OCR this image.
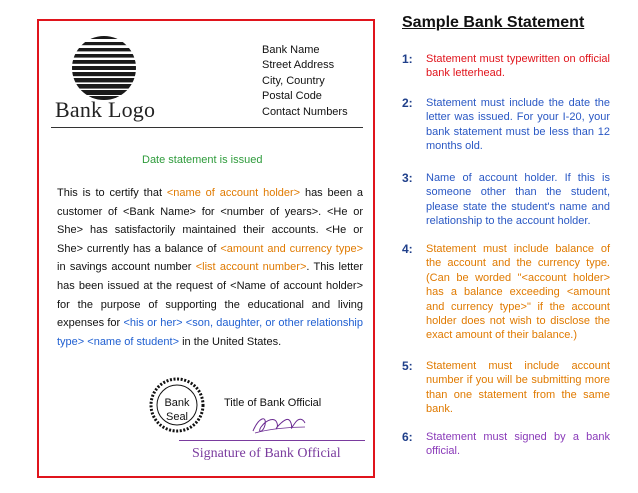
Bank Logo
Bank Name
Street Address
City, Country
Postal Code
Contact Numbers
Date statement is issued
This is to certify that <name of account holder> has been a customer of <Bank Name> for <number of years>. <He or She> has satisfactorily maintained their accounts. <He or She> currently has a balance of <amount and currency type> in savings account number <list account number>. This letter has been issued at the request of <Name of account holder> for the purpose of supporting the educational and living expenses for <his or her> <son, daughter, or other relationship type> <name of student> in the United States.
Bank
Seal
Title of Bank Official
Signature of Bank Official
Sample Bank Statement
1: Statement must typewritten on official bank letterhead.
2: Statement must include the date the letter was issued. For your I-20, your bank statement must be less than 12 months old.
3: Name of account holder. If this is someone other than the student, please state the student's name and relationship to the account holder.
4: Statement must include balance of the account and the currency type. (Can be worded "<account holder> has a balance exceeding <amount and currency type>" if the account holder does not wish to disclose the exact amount of their balance.)
5: Statement must include account number if you will be submitting more than one statement from the same bank.
6: Statement must signed by a bank official.
